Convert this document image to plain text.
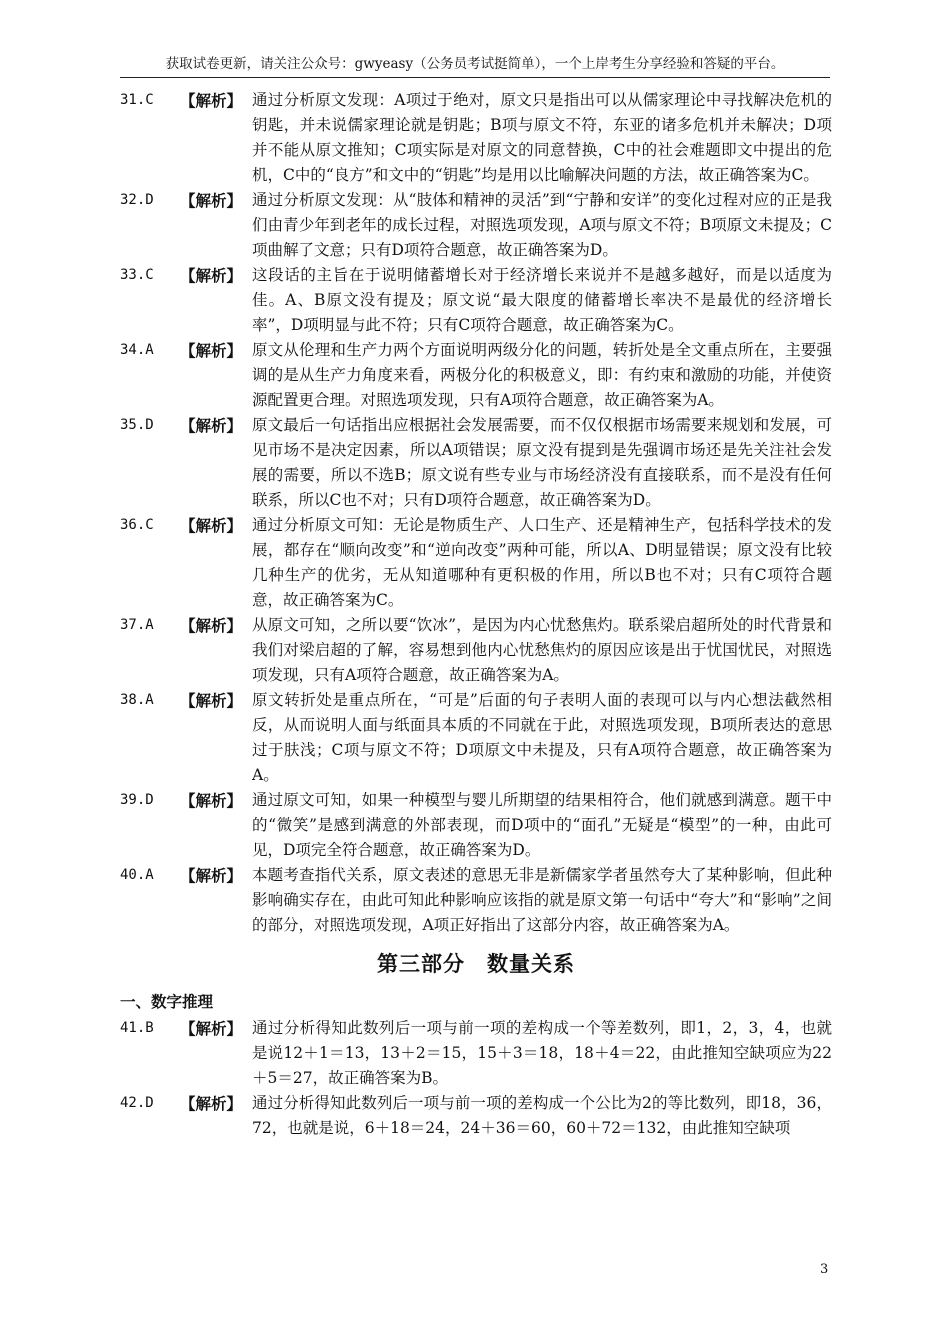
获取试卷更新，请关注公众号：gwyeasy（公务员考试挺简单），一个上岸考生分享经验和答疑的平台。
31.C	【解析】 通过分析原文发现：A项过于绝对，原文只是指出可以从儒家理论中寻找解决危机的钥匙，并未说儒家理论就是钥匙；B项与原文不符，东亚的诸多危机并未解决；D项并不能从原文推知；C项实际是对原文的同意替换，C中的社会难题即文中提出的危机，C中的“良方”和文中的“钥匙”均是用以比喻解决问题的方法，故正确答案为C。
32.D	【解析】 通过分析原文发现：从“肢体和精神的灵活”到“宁静和安详”的变化过程对应的正是我们由青少年到老年的成长过程，对照选项发现，A项与原文不符；B项原文未提及；C项曲解了文意；只有D项符合题意，故正确答案为D。
33.C	【解析】 这段话的主旨在于说明储蓄增长对于经济增长来说并不是越多越好，而是以适度为佳。A、B原文没有提及；原文说“最大限度的储蓄增长率决不是最优的经济增长率”，D项明显与此不符；只有C项符合题意，故正确答案为C。
34.A	【解析】 原文从伦理和生产力两个方面说明两级分化的问题，转折处是全文重点所在，主要强调的是从生产力角度来看，两极分化的积极意义，即：有约束和激励的功能，并使资源配置更合理。对照选项发现，只有A项符合题意，故正确答案为A。
35.D	【解析】 原文最后一句话指出应根据社会发展需要，而不仅仅根据市场需要来规划和发展，可见市场不是决定因素，所以A项错误；原文没有提到是先强调市场还是先关注社会发展的需要，所以不选B；原文说有些专业与市场经济没有直接联系，而不是没有任何联系，所以C也不对；只有D项符合题意，故正确答案为D。
36.C	【解析】 通过分析原文可知：无论是物质生产、人口生产、还是精神生产，包括科学技术的发展，都存在“顺向改变”和“逆向改变”两种可能，所以A、D明显错误；原文没有比较几种生产的优劣，无从知道哪种有更积极的作用，所以B也不对；只有C项符合题意，故正确答案为C。
37.A	【解析】 从原文可知，之所以要“饮冰”，是因为内心忧愁焦灼。联系梁启超所处的时代背景和我们对梁启超的了解，容易想到他内心忧愁焦灼的原因应该是出于忧国忧民，对照选项发现，只有A项符合题意，故正确答案为A。
38.A	【解析】 原文转折处是重点所在，“可是”后面的句子表明人面的表现可以与内心想法截然相反，从而说明人面与纸面具本质的不同就在于此，对照选项发现，B项所表达的意思过于肤浅；C项与原文不符；D项原文中未提及，只有A项符合题意，故正确答案为A。
39.D	【解析】 通过原文可知，如果一种模型与婴儿所期望的结果相符合，他们就感到满意。题干中的“微笑”是感到满意的外部表现，而D项中的“面孔”无疑是“模型”的一种，由此可见，D项完全符合题意，故正确答案为D。
40.A	【解析】 本题考查指代关系，原文表述的意思无非是新儒家学者虽然夸大了某种影响，但此种影响确实存在，由此可知此种影响应该指的就是原文第一句话中“夸大”和“影响”之间的部分，对照选项发现，A项正好指出了这部分内容，故正确答案为A。
第三部分　数量关系
一、数字推理
41.B	【解析】 通过分析得知此数列后一项与前一项的差构成一个等差数列，即1，2，3，4，也就是说12＋1＝13，13＋2＝15，15＋3＝18，18＋4＝22，由此推知空缺项应为22＋5＝27，故正确答案为B。
42.D	【解析】 通过分析得知此数列后一项与前一项的差构成一个公比为2的等比数列，即18，36，72，也就是说，6＋18＝24，24＋36＝60，60＋72＝132，由此推知空缺项
3
